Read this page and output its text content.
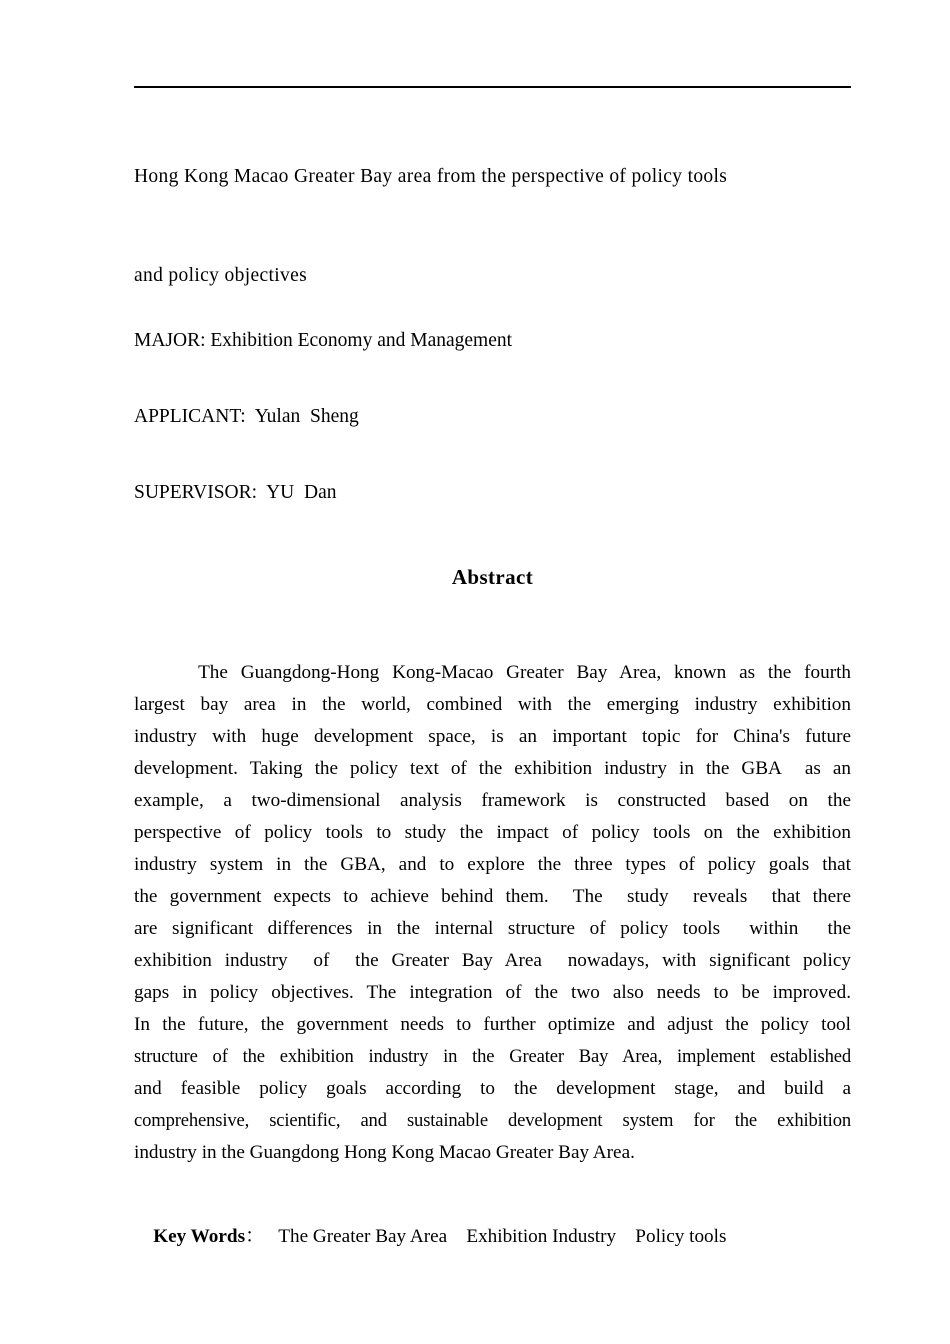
Hong Kong Macao Greater Bay area from the perspective of policy tools
and policy objectives
MAJOR: Exhibition Economy and Management
APPLICANT:  Yulan  Sheng
SUPERVISOR:  YU  Dan
Abstract
The Guangdong-Hong Kong-Macao Greater Bay Area, known as the fourth
largest bay area in the world, combined with the emerging industry exhibition
industry with huge development space, is an important topic for China's future
development. Taking the policy text of the exhibition industry in the GBA  as an
example, a two-dimensional analysis framework is constructed based on the
perspective of policy tools to study the impact of policy tools on the exhibition
industry system in the GBA, and to explore the three types of policy goals that
the government expects to achieve behind them.  The  study  reveals  that there
are significant differences in the internal structure of policy tools  within  the
exhibition industry  of  the Greater Bay Area  nowadays, with significant policy
gaps in policy objectives. The integration of the two also needs to be improved.
In the future, the government needs to further optimize and adjust the policy tool
structure of the exhibition industry in the Greater Bay Area, implement established
and feasible policy goals according to the development stage, and build a
comprehensive, scientific, and sustainable development system for the exhibition
industry in the Guangdong Hong Kong Macao Greater Bay Area.

Key Words： The Greater Bay Area    Exhibition Industry    Policy tools
